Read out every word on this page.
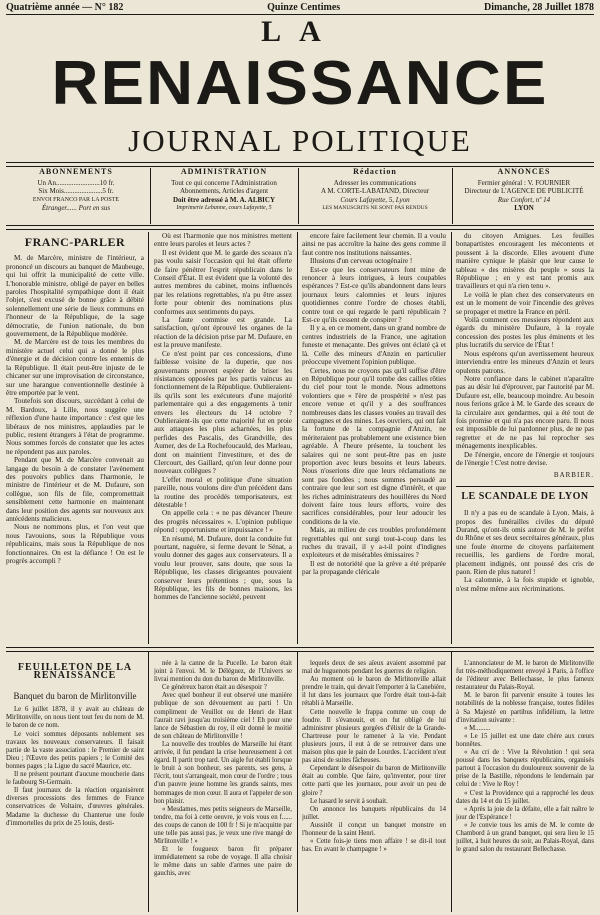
Quatrième année — N° 182	Quinze Centimes	Dimanche, 28 Juillet 1878
LA
RENAISSANCE
JOURNAL POLITIQUE
ABONNEMENTS
Un An.........................10 fr.
Six Mois......................5 fr.
ENVOI FRANCO PAR LA POSTE
Étranger...... Port en sus
ADMINISTRATION
Tout ce qui concerne l'Administration
Abonnements, Articles d'argent
Doit être adressé à M. A. ALBICY
Imprimerie Lebanne, cours Lafayette, 5
Rédaction
Adresser les communications
A M. CORTE-LABATAND, Directeur
Cours Lafayette, 5, Lyon
LES MANUSCRITS NE SONT PAS RENDUS
ANNONCES
Fermier général : V. FOURNIER
Directeur de L'AGENCE DE PUBLICITÉ
Rue Confort, nº 14
LYON
FRANC-PARLER

M. de Marcère, ministre de l'intérieur, a prononcé un discours au banquet de Maubeuge, qui lui offrit la municipalité de cette ville. L'honorable ministre, obligé de payer en belles paroles l'hospitalité sympathique dont il était l'objet, s'est excusé de bonne grâce à débité solennellement une série de lieux communs en l'honneur de la République, de la sage démocratie, de l'union nationale, du bon gouvernement, de la République modérée.

M. de Marcère est de tous les membres du ministère actuel celui qui a donné le plus d'énergie et de décision contre les ennemis de la République. Il était peut-être injuste de le chicaner sur une improvisation de circonstance, sur une harangue conventionnelle destinée à être emportée par le vent.

Toutefois son discours, succédant à celui de M. Bardoux, à Lille, nous suggère une réflexion d'une haute importance : c'est que les libéraux de nos ministres, applaudies par le public, restent étrangers à l'état de programme. Nous sommes forcés de constater que les actes ne répondent pas aux paroles.

Pendant que M. de Marcère convenait au langage du besoin à de constater l'avènement des pouvoirs publics dans l'harmonie, le ministre de l'intérieur et de M. Dufaure, son collègue, son fils de file, comprometttait sensiblement cette harmonie en maintenant dans leur position des agents sur nouveaux aux antécédents malicieux.

Nous ne nommons plus, et l'on veut que nous l'avouions, sous la République vous républicains, mais sous la République de nos fonctionnaires. On est la défiance ! On est le progrès accompli ?

Où est l'harmonie que nos ministres mettent entre leurs paroles et leurs actes ?

Il est évident que M. le garde des sceaux n'a pas voulu saisir l'occasion qui lui était offerte de faire pénétrer l'esprit républicain dans le Conseil d'État. Il est évident que la volonté des autres membres du cabinet, moins influencés par les relations regrettables, n'a pu être assez forte pour obtenir des nominations plus conformes aux sentiments du pays.

La faute commise est grande. La satisfaction, qu'ont éprouvé les organes de la réaction de la décision prise par M. Dufaure, en est la preuve manifeste.

Ce n'est point par ces concessions, d'une faiblesse voisine de la duperie, que nos gouvernants peuvent espérer de briser les résistances opposées par les partis vaincus au fonctionnement de la République. Oublieraient-ils qu'ils sont les exécuteurs d'une majorité parlementaire qui a des engagements à tenir envers les électeurs du 14 octobre ? Oublieraient-ils que cette majorité fut en proie aux attaques les plus acharnées, les plus perfides des Pascalis, des Grandville, des Aumer, des de La Rochefoucauld, des Marleau, dont on maintient l'investiture, et des de Clercourt, des Gaillard, qu'on leur donne pour nouveaux collègues ?

L'effet moral et politique d'une situation pareille, nous voulons dire d'un précédent dans la routine des procédés temporisateurs, est détestable !

On appelle cela : « ne pas dévancer l'heure des progrès nécessaires ». L'opinion publique répond : opportunisme et impuissance ! »

En résumé, M. Dufaure, dont la conduite fut pourtant, naguère, si ferme devant le Sénat, a voulu donner des gages aux conservateurs. Il a voulu leur prouver, sans doute, que sous la République, les classes dirigeantes pouvaient conserver leurs prétentions ; que, sous la République, les fils de bonnes maisons, les hommes de l'ancienne société, peuvent

encore faire facilement leur chemin. Il a voulu ainsi ne pas accroître la haine des gens comme il faut contre nos institutions naissantes.

Illusions d'un cerveau octogénaire !

Est-ce que les conservateurs font mine de renoncer à leurs intrigues, à leurs coupables espérances ? Est-ce qu'ils abandonnent dans leurs journaux leurs calomnies et leurs injures quotidiennes contre l'ordre de choses établi, contre tout ce qui regarde le parti républicain ? Est-ce qu'ils cessent de conspirer ?

Il y a, en ce moment, dans un grand nombre de centres industriels de la France, une agitation funeste et menaçante. Des grèves ont éclaté çà et là. Celle des mineurs d'Anzin en particulier préoccupe vivement l'opinion publique.

Certes, nous ne croyons pas qu'il suffise d'être en République pour qu'il tombe des cailles rôties du ciel pour tout le monde. Nous admettons volontiers que « l'ère de prospérité » n'est pas encore venue et qu'il y a des souffrances nombreuses dans les classes vouées au travail des campagnes et des mines. Les ouvriers, qui ont fait la fortune de la compagnie d'Anzin, ne mériteraient pas probablement une existence bien agréable. À l'heure présente, la touchent les salaires qui ne sont peut-être pas en juste proportion avec leurs besoins et leurs labeurs. Nous n'oserions dire que leurs réclamations ne sont pas fondées ; nous sommes persuadé au contraire que leur sort est digne d'intérêt, et que les riches administrateurs des houillères du Nord doivent faire tous leurs efforts, voire des sacrifices considérables, pour leur adoucir les conditions de la vie.

Mais, au milieu de ces troubles profondément regrettables qui ont surgi tout-à-coup dans les ruches du travail, il y a-t-il point d'indignes exploiteurs et de misérables émissaires ?

Il est de notoriété que la grève a été préparée par la propagande cléricale

du citoyen Amigues. Les feuilles bonapartistes encouragent les mécontents et poussent à la discorde. Elles avouent d'une manière cynique le plaisir que leur cause le tableau « des misères du peuple » sous la République ; en y est tant promis aux travailleurs et qui n'a rien tenu ».

Le voilà le plan chez des conservateurs en est un le moment de voir l'incendie des grèves se propager et mettre la France en péril.

Voilà comment ces messieurs répondent aux égards du ministère Dufaure, à la royale concession des postes les plus éminents et les plus lucratifs du service de l'État !

Nous espérons qu'un avertissement heureux interviendra entre les mineurs d'Anzin et leurs opulents patrons.

Notre confiance dans le cabinet n'aparaître pas au désir lui d'éprouver, par l'autorité par M. Dufaure est, elle, beaucoup moindre. Au besoin nous ferions grâce à M. le Garde des sceaux de la circulaire aux gendarmes, qui a été tout de fois promise et qui n'a pas encore paru. Il nous est impossible de lui pardonner plus, de ne pas regretter et de ne pas lui reprocher ses ménagements inexplicables.

De l'énergie, encore de l'énergie et toujours de l'énergie ! C'est notre devise.

BARBIER.
LE SCANDALE DE LYON

Il n'y a pas eu de scandale à Lyon. Mais, à propos des funérailles civiles du député Durand, qu'ont-ils omis autour de M. le préfet du Rhône et ses deux secrétaires généraux, plus une foule énorme de citoyens parfaitement recueillis, les gardiens de l'ordre moral, placement indignés, ont poussé des cris de paon. Rien de plus naturel !

La calomnie, à la fois stupide et ignoble, n'est même même aux récriminations.

FEUILLETON DE LA RENAISSANCE
Banquet du baron de Mirlitonville

Le 6 juillet 1878, il y avait au château de Mirlitonville, on nous tient tout feu du nom de M. le baron de ce nom.

Le voici sommes déposants noblement ses travaux les nouveaux conservateurs. Il faisait partie de la vaste association : le Premier de saint Dieu ; l'Œuvre des petits papiers ; le Comité des bonnes pages ; la Ligue du sacré Maurice, etc.

Il ne présent pourtant d'aucune moucherie dans le faubourg St-Germain.

Il faut journaux de la réaction organisèrent diverses processions des femmes de France conservatrices de Voltaire, d'œuvres générales. Madame la duchesse du Chanterue une foule d'immortelles du prix de 25 louis, desti-

née à la canne de la Pucelle. Le baron était joint à l'envoi. M. le Déléguez, de l'Univers se livrai mention du don du baron de Mirlitonville.

Ce généreux baron était au désespoir ?

Avec quel bonheur il eut observé une manière publique de son dévouement au parti ! Un compliment de Veuillot ou de Henri de Haut l'aurait ravi jusqu'au troisième ciel ! Eh pour une lance de Sébastien du roy, il eût donné le moitié de son château de Mirlitonville !

La nouvelle des troubles de Marseille lui étant arrivée, il fut pendant la crise heureusement à cet égard. Il partit trop tard. Un aigle fut établi lorsque le bruit à son bonheur, ses parents, ses gens, à l'écrit, tout s'arrangeait, mon cœur de l'ordre ; tous d'un pauvre jeune homme les grands saints, mes hommages de mon cœur. Il aura et l'appeler de son bon plaisir.

« Mesdames, mes petits seigneurs de Marseille, tendre, ma foi à cette oeuvre, je vois vous en f...... des coups de canon de 100 fr ! Si je m'acquitte par une telle pas aussi pas, je veux une rive mangé de Mirlitonville ! »

Et le fougueux baron fit préparer immédiatement sa robe de voyage. Il alla choisir le même dans un sable d'armes une paire de gauchis, avec

lequels deux de ses aïeux avaient assommé par mal de huguenots pendant les guerres de religion.

Au moment où le baron de Mirlitonville allait prendre le train, qui devait l'emporter à la Canebière, il lut dans les journaux que l'ordre était tout-à-fait rétabli à Marseille.

Cette nouvelle le frappa comme un coup de foudre. Il s'évanouit, et on fut obligé de lui administrer plusieurs gorgées d'élixir de la Grande-Chartreuse pour le ramener à la vie. Pendant plusieurs jours, il eut à de se retrouver dans une maison plus que le pain de Lourdes. L'accident n'eut pas ainsi de suites fâcheuses.

Cependant le désespoir du baron de Mirlitonville était au comble. Que faire, qu'inventer, pour tirer cette parti que les journaux, pour avoir un peu de gloire ?

Le hasard le servit à souhait.

On annonce les banquets républicains du 14 juillet.

Aussitôt il conçut un banquet monstre en l'honneur de la saint Henri.

« Cette fois-je tiens mon affaire ! se dit-il tout bas. En avant le champagne ! »

L'annonciateur de M. le baron de Mirlitonville fut très-méthodiquement envoyé à Paris, à l'office de l'éditeur avec Bellechasse, le plus fameux restaurateur du Palais-Royal.

M. le baron fit parvenir ensuite à toutes les notabilités de la noblesse française, toutes fidèles à Sa Majesté en partibus infidélium, la lettre d'invitation suivante :

« M.........

« Le 15 juillet est une date chère aux cœurs honnêtes.

« Au cri de : Vive la Révolution ! qui sera poussé dans les banquets républicains, organisés partout à l'occasion du douloureux souvenir de la prise de la Bastille, répondons le lendemain par celui de : Vive le Roy !

« C'est la Providence qui a rapproché les deux dates du 14 et du 15 juillet.

« Après la joie de la défaite, elle a fait naître le jour de l'Espérance !

« Je convie tous les amis de M. le comte de Chambord à un grand banquet, qui sera lieu le 15 juillet, à huit heures du soir, au Palais-Royal, dans le grand salon du restaurant Bellechasse.
